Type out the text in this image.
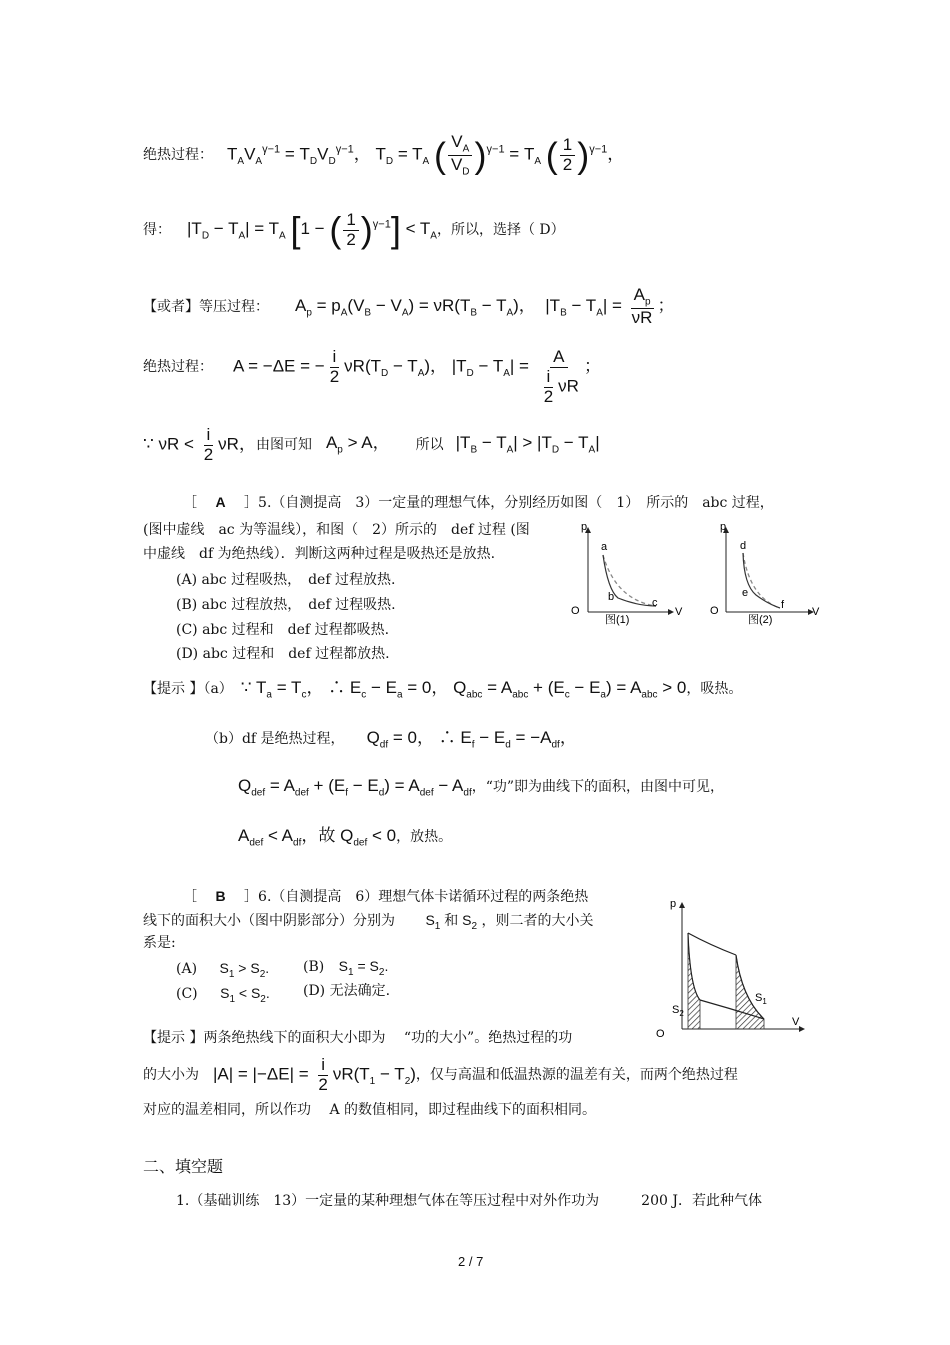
绝热过程： $T_AV_A^{\gamma-1} = T_DV_D^{\gamma-1}$， $T_D = T_A$ ( $\frac{V_A}{V_D} )^{\gamma-1} = T_A$ ( $\frac{1}{2} )^{\gamma-1}$，
得： $|T_D - T_A| = T_A$ [1 − ( $\frac{1}{2} )^{\gamma-1}] < T_A$ ，所以，选择（ D）
【或者】等压过程： $A_p = p_A(V_B - V_A) = \nu R(T_B - T_A)$，  $|T_B - T_A| = \frac{A_p}{\nu R}$ ；
绝热过程： A = −ΔE = − $\frac{i}{2} \nu R(T_D - T_A)$， $|T_D - T_A| = \frac{A}{\frac{i}{2} \nu R}$ ；
∵ $\nu R < \frac{i}{2}$ νR， 由图可知 $A_p > A$， 所以 $|T_B - T_A| > |T_D - T_A|$
［ A ］5.（自测提高　3）一定量的理想气体，分别经历如图（　1）　所示的　abc 过程，
(图中虚线　ac 为等温线），和图（　2）所示的　def 过程 (图
中虚线　df 为绝热线）．判断这两种过程是吸热还是放热.
(A) abc 过程吸热，　def 过程放热.
(B) abc 过程放热，　def 过程吸热.
(C) abc 过程和　def 过程都吸热.
(D) abc 过程和　def 过程都放热.
p
V
O
a
b	c
图(1)
p
V
O
d
e
f
图(2)
【提示 】（a） ∵ $T_a = T_c$， ∴ $E_c - E_a = 0$， $Q_{abc} = A_{abc} + (E_c - E_a) = A_{abc} > 0$ ，吸热。
（b）df 是绝热过程， $Q_{df} = 0$， ∴ $E_f - E_d = -A_{df}$，
$Q_{def} = A_{def} + (E_f - E_d) = A_{def} - A_{df}$ ，“功”即为曲线下的面积，由图中可见，
$A_{def} < A_{df}$，故 $Q_{def} < 0$ ，放热。
［ B ］6.（自测提高　6）理想气体卡诺循环过程的两条绝热
线下的面积大小（图中阴影部分）分别为 $S_1$ 和 $S_2$ ，则二者的大小关
系是:
(A) $S_1 > S_2$. (B) $S_1 = S_2$.
(C) $S_1 < S_2$. (D) 无法确定.
p
V
O
$S_2$
$S_1$
【提示 】两条绝热线下的面积大小即为　 “功的大小”。绝热过程的功
的大小为 $|A| = |-\Delta E| = \frac{i}{2} \nu R(T_1 - T_2)$ ，仅与高温和低温热源的温差有关，而两个绝热过程
对应的温差相同，所以作功　 A 的数值相同，即过程曲线下的面积相同。
二、填空题
1.（基础训练　13）一定量的某种理想气体在等压过程中对外作功为　　　200 J．若此种气体
2 / 7
